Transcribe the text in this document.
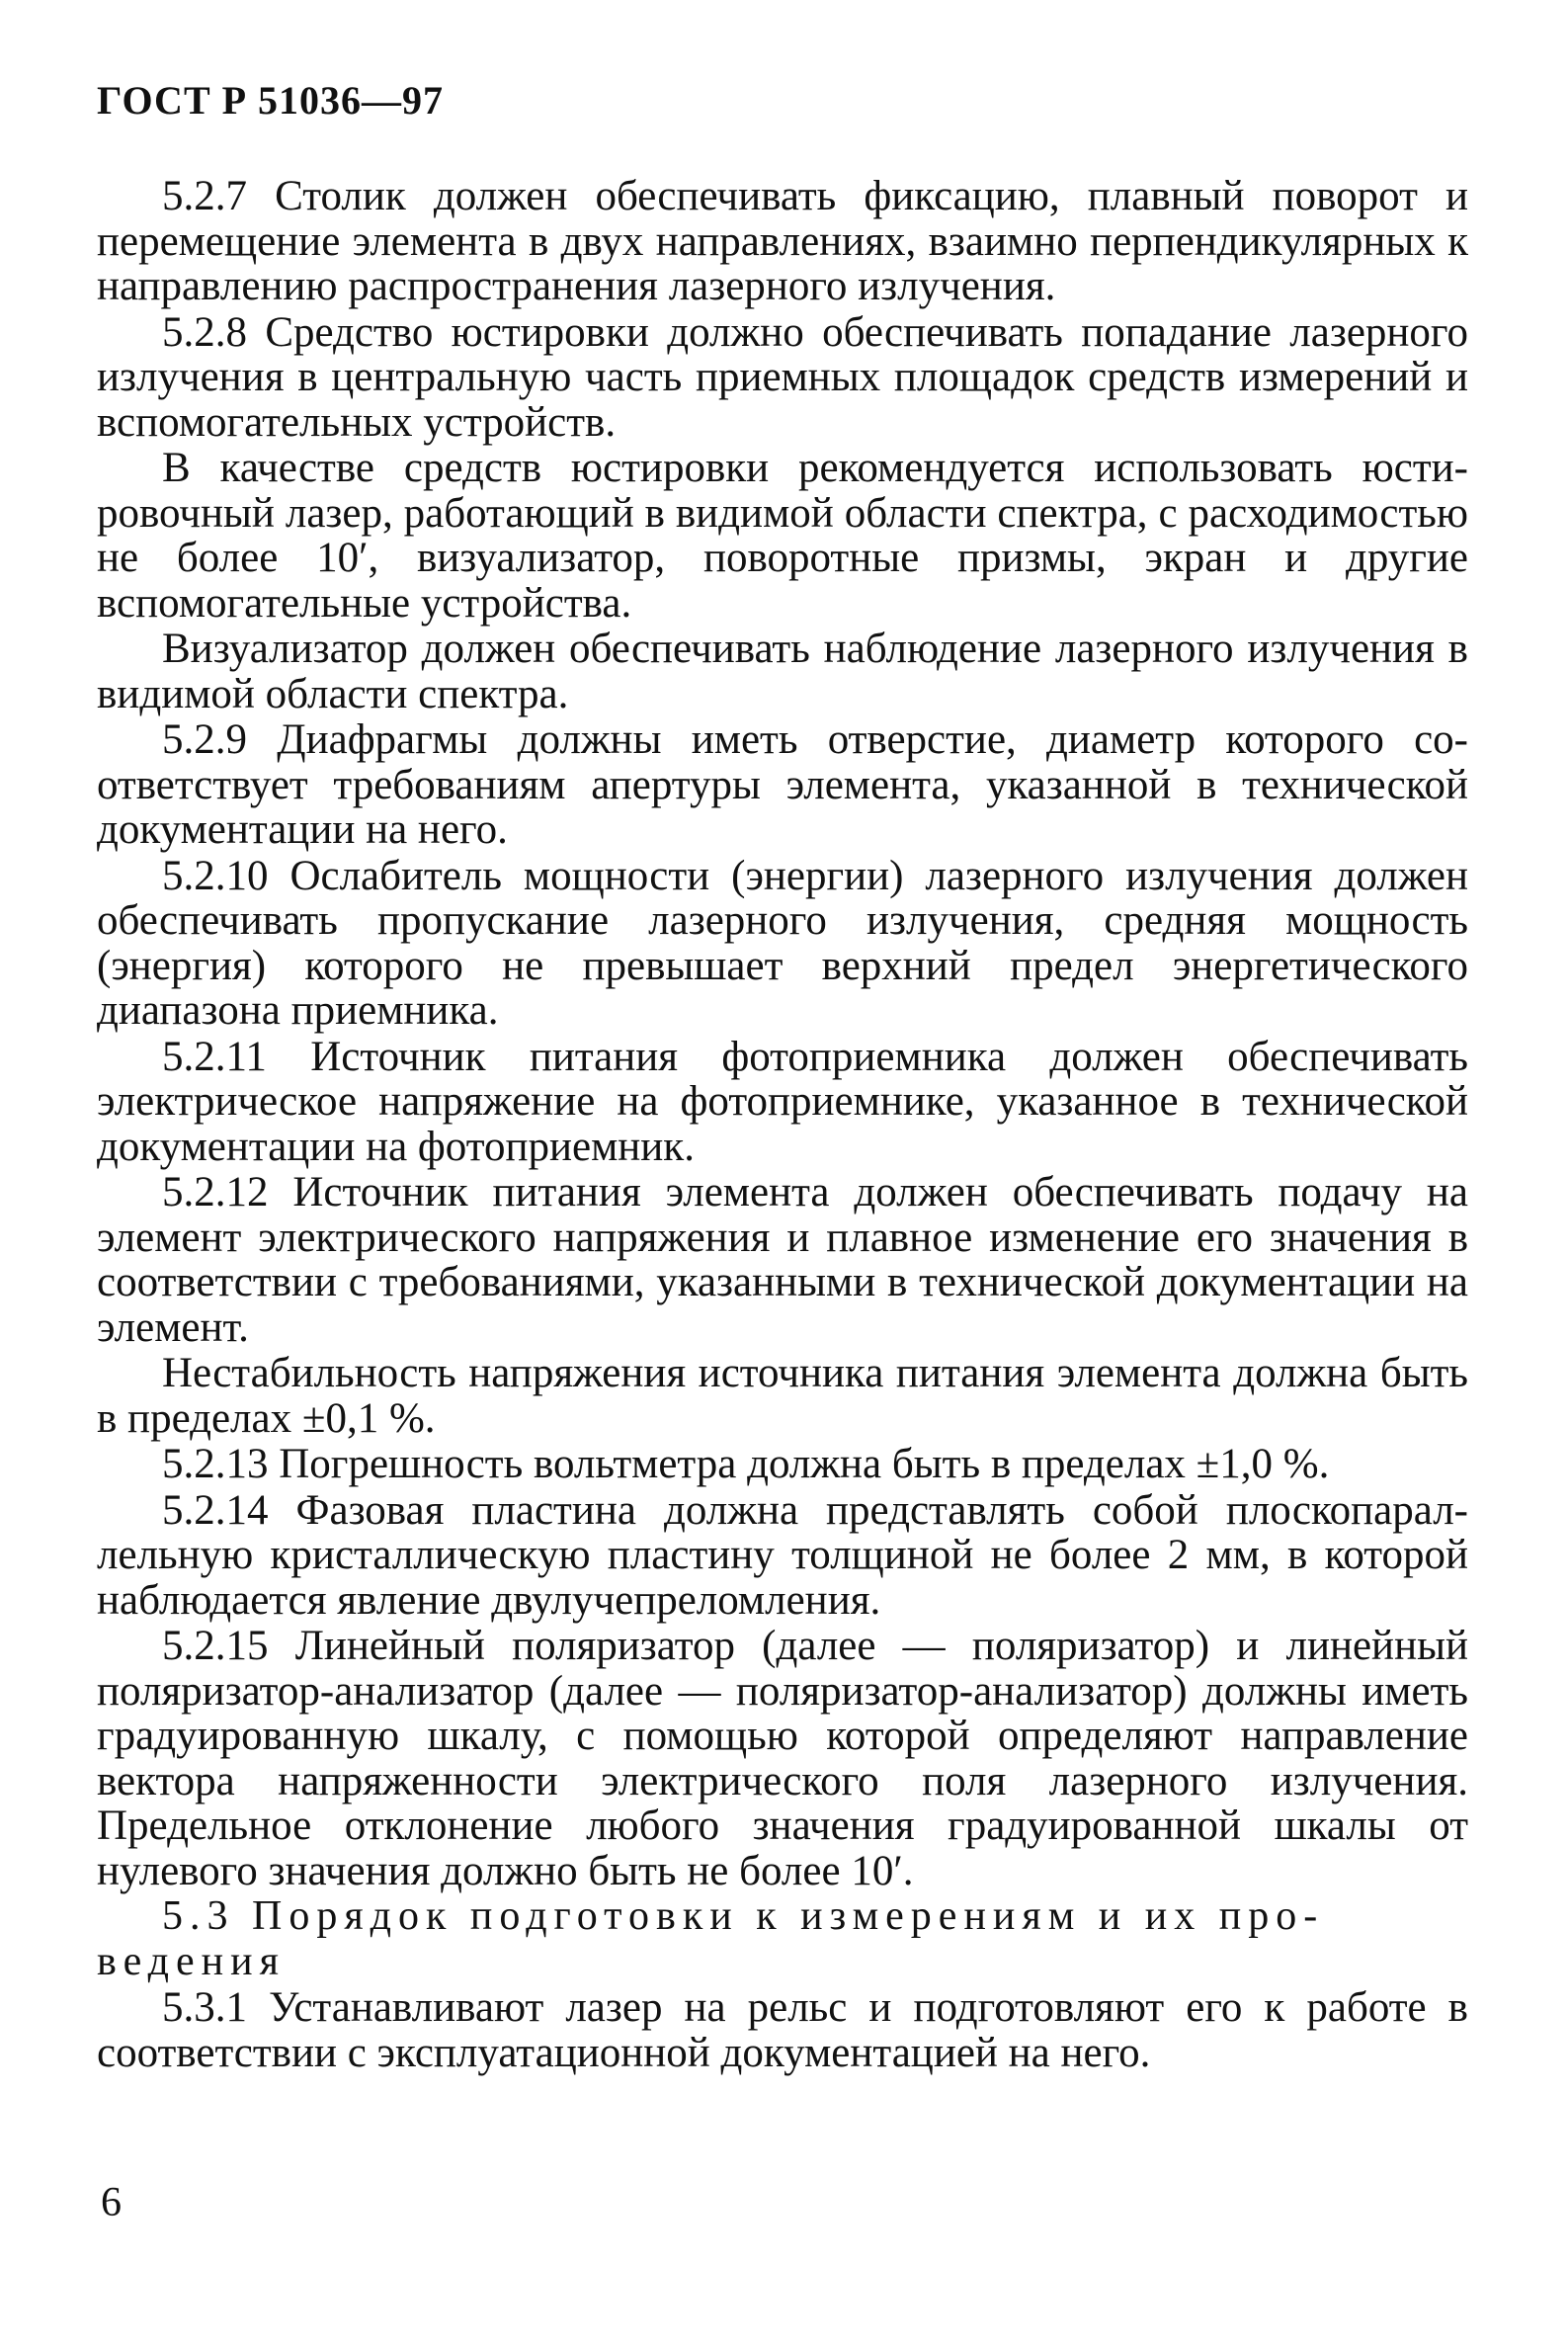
ГОСТ Р 51036—97

5.2.7 Столик должен обеспечивать фиксацию, плавный поворот и перемещение элемента в двух направлениях, взаимно перпендикулярных к направлению распространения лазерного излучения.

5.2.8 Средство юстировки должно обеспечивать попадание лазерного излучения в центральную часть приемных площадок средств измерений и вспомогательных устройств.

В качестве средств юстировки рекомендуется использовать юстировочный лазер, работающий в видимой области спектра, с расходимостью не более 10′, визуализатор, поворотные призмы, экран и другие вспомогательные устройства.

Визуализатор должен обеспечивать наблюдение лазерного излучения в видимой области спектра.

5.2.9 Диафрагмы должны иметь отверстие, диаметр которого соответствует требованиям апертуры элемента, указанной в технической документации на него.

5.2.10 Ослабитель мощности (энергии) лазерного излучения должен обеспечивать пропускание лазерного излучения, средняя мощность (энергия) которого не превышает верхний предел энергетического диапазона приемника.

5.2.11 Источник питания фотоприемника должен обеспечивать электрическое напряжение на фотоприемнике, указанное в технической документации на фотоприемник.

5.2.12 Источник питания элемента должен обеспечивать подачу на элемент электрического напряжения и плавное изменение его значения в соответствии с требованиями, указанными в технической документации на элемент.

Нестабильность напряжения источника питания элемента должна быть в пределах ±0,1 %.

5.2.13 Погрешность вольтметра должна быть в пределах ±1,0 %.

5.2.14 Фазовая пластина должна представлять собой плоскопараллельную кристаллическую пластину толщиной не более 2 мм, в которой наблюдается явление двулучепреломления.

5.2.15 Линейный поляризатор (далее — поляризатор) и линейный поляризатор-анализатор (далее — поляризатор-анализатор) должны иметь градуированную шкалу, с помощью которой определяют направление вектора напряженности электрического поля лазерного излучения. Предельное отклонение любого значения градуированной шкалы от нулевого значения должно быть не более 10′.

5.3 Порядок подготовки к измерениям и их проведения

5.3.1 Устанавливают лазер на рельс и подготовляют его к работе в соответствии с эксплуатационной документацией на него.

6
